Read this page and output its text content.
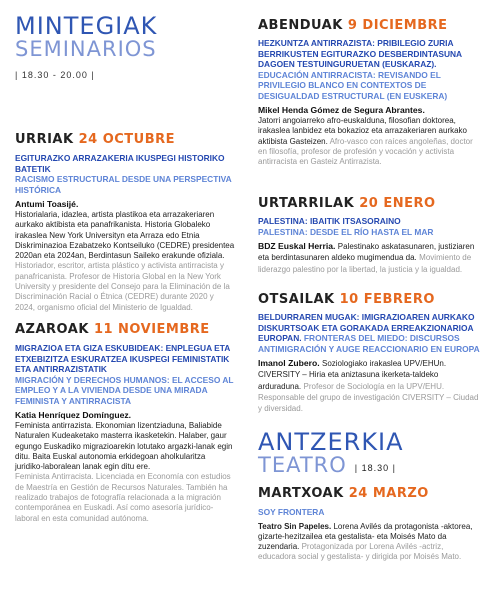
MINTEGIAK
SEMINARIOS
| 18.30 - 20.00 |
URRIAK 24 OCTUBRE
EGITURAZKO ARRAZAKERIA IKUSPEGI HISTORIKO BATETIK
RACISMO ESTRUCTURAL DESDE UNA PERSPECTIVA HISTÓRICA
Antumi Toasijé.
Historialaria, idazlea, artista plastikoa eta arrazakeriaren aurkako aktibista eta panafrikanista. Historia Globaleko irakaslea New York Universityn eta Arraza edo Etnia Diskriminazioa Ezabatzeko Kontseiluko (CEDRE) presidentea 2020an eta 2024an, Berdintasun Saileko erakunde ofiziala.
Historiador, escritor, artista plástico y activista antirracista y panafricanista. Profesor de Historia Global en la New York University y presidente del Consejo para la Eliminación de la Discriminación Racial o Étnica (CEDRE) durante 2020 y 2024, organismo oficial del Ministerio de Igualdad.
AZAROAK 11 NOVIEMBRE
MIGRAZIOA ETA GIZA ESKUBIDEAK: ENPLEGUA ETA ETXEBIZITZA ESKURATZEA IKUSPEGI FEMINISTATIK ETA ANTIRRAZISTATIK
MIGRACIÓN Y DERECHOS HUMANOS: EL ACCESO AL EMPLEO Y A LA VIVIENDA DESDE UNA MIRADA FEMINISTA Y ANTIRRACISTA
Katia Henríquez Domínguez.
Feminista antirrazista. Ekonomian lizentziaduna, Baliabide Naturalen Kudeaketako masterra ikasketekin. Halaber, gaur egungo Euskadiko migrazioarekin lotutako argazki-lanak egin ditu. Baita Euskal autonomia erkidegoan aholkularitza juridiko-laboralean lanak egin ditu ere.
Feminista Antirracista. Licenciada en Economía con estudios de Maestría en Gestión de Recursos Naturales. También ha realizado trabajos de fotografía relacionada a la migración contemporánea en Euskadi. Así como asesoría jurídico-laboral en esta comunidad autónoma.
ABENDUAK 9 DICIEMBRE
HEZKUNTZA ANTIRRAZISTA: PRIBILEGIO ZURIA BERRIKUSTEN EGITURAZKO DESBERDINTASUNA DAGOEN TESTUINGURUETAN (EUSKARAZ). EDUCACIÓN ANTIRRACISTA: REVISANDO EL PRIVILEGIO BLANCO EN CONTEXTOS DE DESIGUALDAD ESTRUCTURAL (EN EUSKERA)
Mikel Henda Gómez de Segura Abrantes.
Jatorri angoiarreko afro-euskalduna, filosofian doktorea, irakaslea lanbidez eta bokazioz eta arrazakeriaren aurkako aktibista Gasteizen. Afro-vasco con raíces angoleñas, doctor en filosofía, profesor de profesión y vocación y activista antirracista en Gasteiz Antirrazista.
URTARRILAK 20 ENERO
PALESTINA: IBAITIK ITSASORAINO
PALESTINA: DESDE EL RÍO HASTA EL MAR
BDZ Euskal Herria. Palestinako askatasunaren, justiziaren eta berdintasunaren aldeko mugimendua da. Movimiento de liderazgo palestino por la libertad, la justicia y la igualdad.
OTSAILAK 10 FEBRERO
BELDURRAREN MUGAK: IMIGRAZIOAREN AURKAKO DISKURTSOAK ETA GORAKADA ERREAKZIONARIOA EUROPAN. FRONTERAS DEL MIEDO: DISCURSOS ANTIMIGRACIÓN Y AUGE REACCIONARIO EN EUROPA
Imanol Zubero. Soziologiako irakaslea UPV/EHUn. CIVERSITY – Hiria eta aniztasuna ikerketa-taldeko arduraduna. Profesor de Sociología en la UPV/EHU. Responsable del grupo de investigación CIVERSITY – Ciudad y diversidad.
ANTZERKIA
TEATRO | 18.30 |
MARTXOAK 24 MARZO
SOY FRONTERA
Teatro Sin Papeles. Lorena Avilés da protagonista -aktorea, gizarte-hezitzailea eta gestalista- eta Moisés Mato da zuzendaria. Protagonizada por Lorena Avilés -actriz, educadora social y gestalista- y dirigida por Moisés Mato.
